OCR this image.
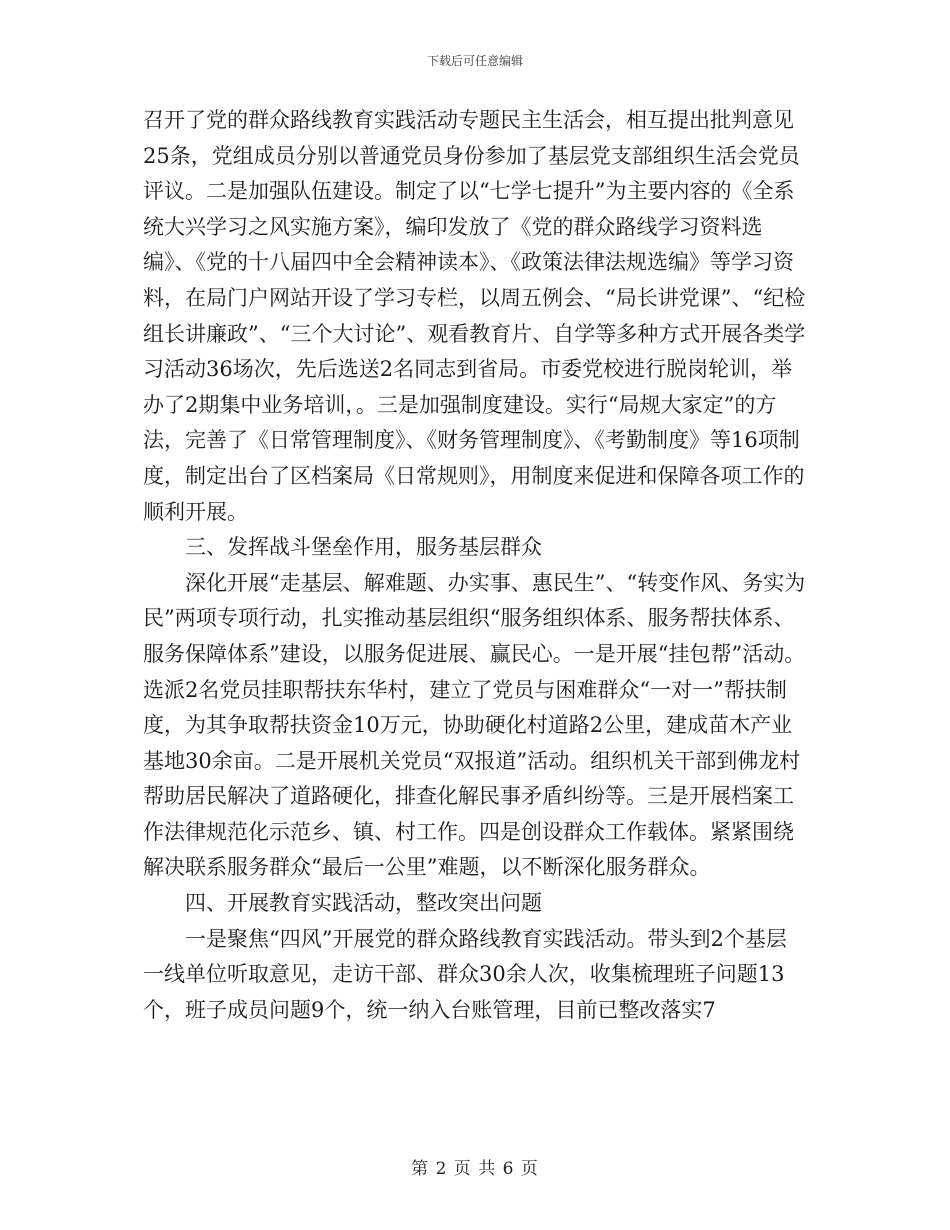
下载后可任意编辑

召开了党的群众路线教育实践活动专题民主生活会，相互提出批判意见25条，党组成员分别以普通党员身份参加了基层党支部组织生活会党员评议。二是加强队伍建设。制定了以“七学七提升”为主要内容的《全系统大兴学习之风实施方案》，编印发放了《党的群众路线学习资料选编》、《党的十八届四中全会精神读本》、《政策法律法规选编》等学习资料，在局门户网站开设了学习专栏，以周五例会、“局长讲党课”、“纪检组长讲廉政”、“三个大讨论”、观看教育片、自学等多种方式开展各类学习活动36场次，先后选送2名同志到省局。市委党校进行脱岗轮训，举办了2期集中业务培训，。三是加强制度建设。实行“局规大家定”的方法，完善了《日常管理制度》、《财务管理制度》、《考勤制度》等16项制度，制定出台了区档案局《日常规则》，用制度来促进和保障各项工作的顺利开展。

三、发挥战斗堡垒作用，服务基层群众

深化开展“走基层、解难题、办实事、惠民生”、“转变作风、务实为民”两项专项行动，扎实推动基层组织“服务组织体系、服务帮扶体系、服务保障体系”建设，以服务促进展、赢民心。一是开展“挂包帮”活动。选派2名党员挂职帮扶东华村，建立了党员与困难群众“一对一”帮扶制度，为其争取帮扶资金10万元，协助硬化村道路2公里，建成苗木产业基地30余亩。二是开展机关党员“双报道”活动。组织机关干部到佛龙村帮助居民解决了道路硬化，排查化解民事矛盾纠纷等。三是开展档案工作法律规范化示范乡、镇、村工作。四是创设群众工作载体。紧紧围绕解决联系服务群众“最后一公里”难题，以不断深化服务群众。

四、开展教育实践活动，整改突出问题

一是聚焦“四风”开展党的群众路线教育实践活动。带头到2个基层一线单位听取意见，走访干部、群众30余人次，收集梳理班子问题13个，班子成员问题9个，统一纳入台账管理，目前已整改落实7

第 2 页 共 6 页
